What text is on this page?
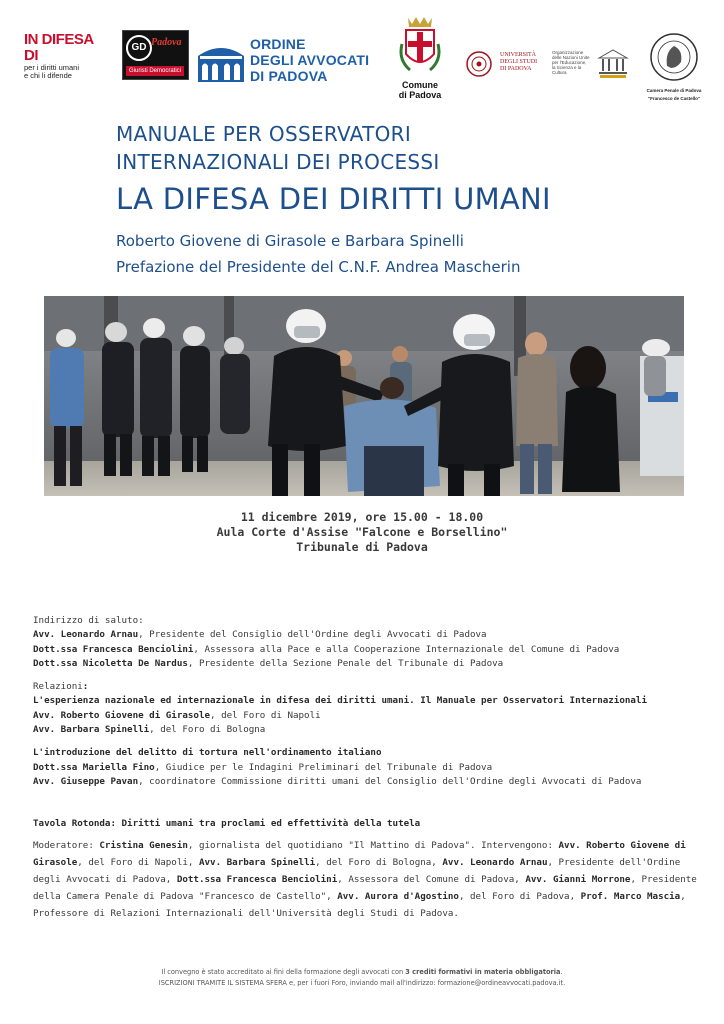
IN DIFESA DI
per i diritti umani
e chi li difende
GD Padova
Giuristi Democratici
ORDINE
DEGLI AVVOCATI
DI PADOVA
Comune
di Padova
UNIVERSITÀ
DEGLI STUDI
DI PADOVA
Organizzazione delle Nazioni Unite per l'Educazione, la Scienza e la Cultura
Camera Penale di Padova
"Francesco de Castello"
MANUALE PER OSSERVATORI
INTERNAZIONALI DEI PROCESSI
LA DIFESA DEI DIRITTI UMANI
Roberto Giovene di Girasole e Barbara Spinelli
Prefazione del Presidente del C.N.F. Andrea Mascherin
11 dicembre 2019, ore 15.00 - 18.00
Aula Corte d'Assise "Falcone e Borsellino"
Tribunale di Padova

Indirizzo di saluto:

Avv. Leonardo Arnau, Presidente del Consiglio dell'Ordine degli Avvocati di Padova

Dott.ssa Francesca Benciolini, Assessora alla Pace e alla Cooperazione Internazionale del Comune di Padova

Dott.ssa Nicoletta De Nardus, Presidente della Sezione Penale del Tribunale di Padova

Relazioni:

L'esperienza nazionale ed internazionale in difesa dei diritti umani. Il Manuale per Osservatori Internazionali

Avv. Roberto Giovene di Girasole, del Foro di Napoli

Avv. Barbara Spinelli, del Foro di Bologna

L'introduzione del delitto di tortura nell'ordinamento italiano

Dott.ssa Mariella Fino, Giudice per le Indagini Preliminari del Tribunale di Padova

Avv. Giuseppe Pavan, coordinatore Commissione diritti umani del Consiglio dell'Ordine degli Avvocati di Padova

Tavola Rotonda: Diritti umani tra proclami ed effettività della tutela

Moderatore: Cristina Genesin, giornalista del quotidiano "Il Mattino di Padova". Intervengono: Avv. Roberto Giovene di Girasole, del Foro di Napoli, Avv. Barbara Spinelli, del Foro di Bologna, Avv. Leonardo Arnau, Presidente dell'Ordine degli Avvocati di Padova, Dott.ssa Francesca Benciolini, Assessora del Comune di Padova, Avv. Gianni Morrone, Presidente della Camera Penale di Padova "Francesco de Castello", Avv. Aurora d'Agostino, del Foro di Padova, Prof. Marco Mascia, Professore di Relazioni Internazionali dell'Università degli Studi di Padova.

Il convegno è stato accreditato ai fini della formazione degli avvocati con 3 crediti formativi in materia obbligatoria.
ISCRIZIONI TRAMITE IL SISTEMA SFERA e, per i fuori Foro, inviando mail all'indirizzo: formazione@ordineavvocati.padova.it.
